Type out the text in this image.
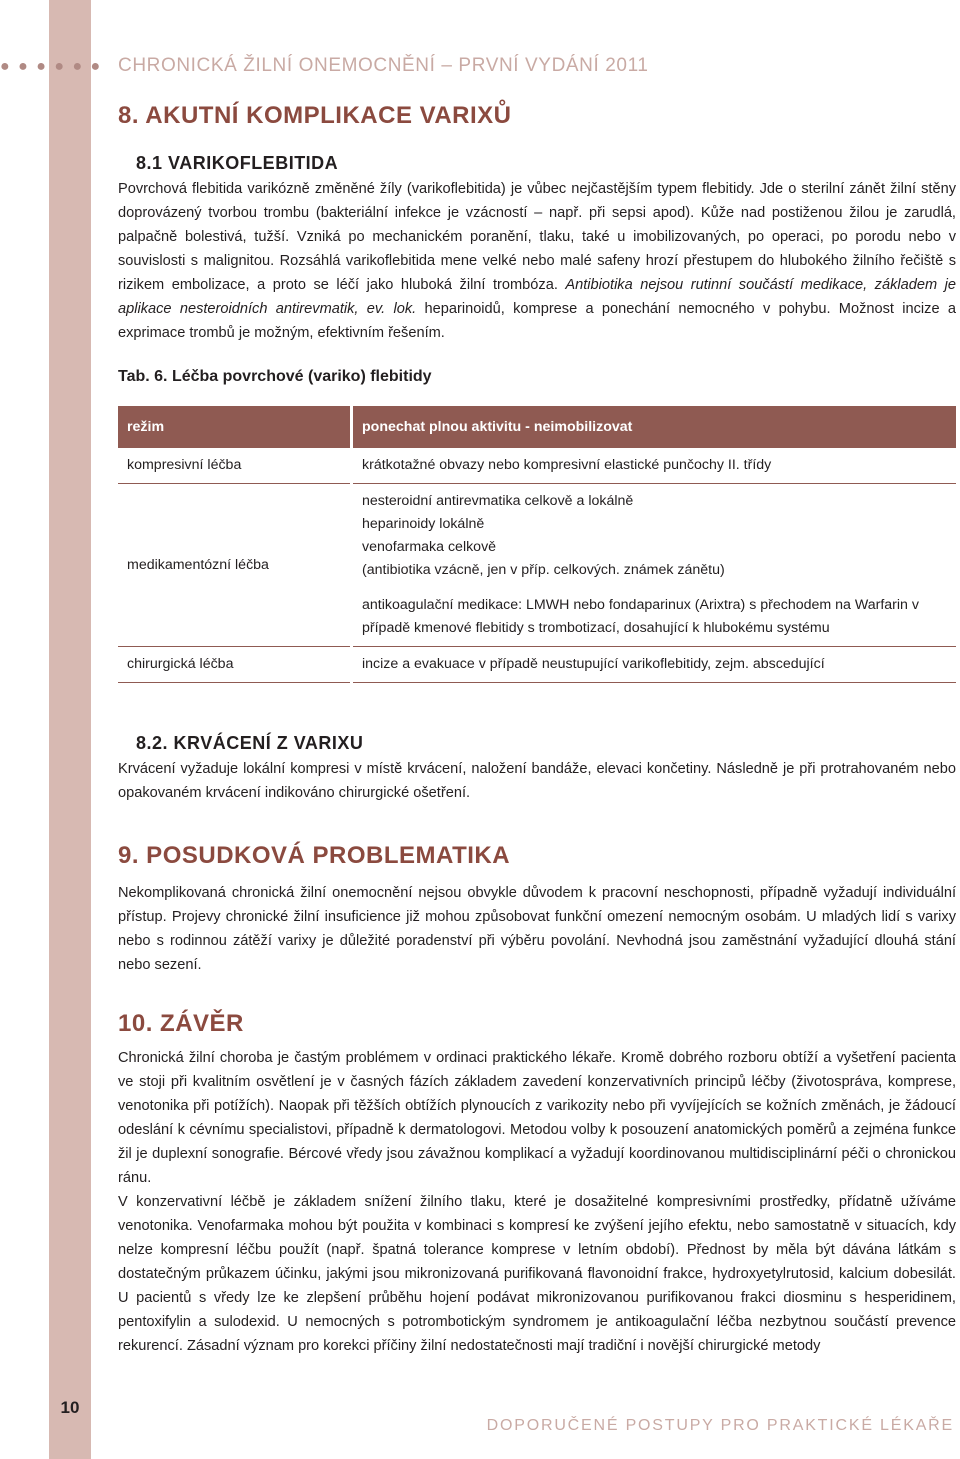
● ● ● ● ● ● CHRONICKÁ ŽILNÍ ONEMOCNĚNÍ – PRVNÍ VYDÁNÍ 2011
8. AKUTNÍ KOMPLIKACE VARIXŮ
8.1 VARIKOFLEBITIDA

Povrchová flebitida varikózně změněné žíly (varikoflebitida) je vůbec nejčastějším typem flebitidy. Jde o sterilní zánět žilní stěny doprovázený tvorbou trombu (bakteriální infekce je vzácností – např. při sepsi apod). Kůže nad postiženou žilou je zarudlá, palpačně bolestivá, tužší. Vzniká po mechanickém poranění, tlaku, také u imobilizovaných, po operaci, po porodu nebo v souvislosti s malignitou. Rozsáhlá varikoflebitida mene velké nebo malé safeny hrozí přestupem do hlubokého žilního řečiště s rizikem embolizace, a proto se léčí jako hluboká žilní trombóza. Antibiotika nejsou rutinní součástí medikace, základem je aplikace nesteroidních antirevmatik, ev. lok. heparinoidů, komprese a ponechání nemocného v pohybu. Možnost incize a exprimace trombů je možným, efektivním řešením.

Tab. 6. Léčba povrchové (variko) flebitidy
režim	ponechat plnou aktivitu - neimobilizovat
kompresivní léčba	krátkotažné obvazy nebo kompresivní elastické punčochy II. třídy
medikamentózní léčba	nesteroidní antirevmatika celkově a lokálně
heparinoidy lokálně
venofarmaka celkově
(antibiotika vzácně, jen v příp. celkových. známek zánětu)
antikoagulační medikace: LMWH nebo fondaparinux (Arixtra) s přechodem na Warfarin v případě kmenové flebitidy s trombotizací, dosahující k hlubokému systému

chirurgická léčba	incize a evakuace v případě neustupující varikoflebitidy, zejm. abscedující
8.2. KRVÁCENÍ Z VARIXU
Krvácení vyžaduje lokální kompresi v místě krvácení, naložení bandáže, elevaci končetiny. Následně je při protrahovaném nebo opakovaném krvácení indikováno chirurgické ošetření.
9. POSUDKOVÁ PROBLEMATIKA
Nekomplikovaná chronická žilní onemocnění nejsou obvykle důvodem k pracovní neschopnosti, případně vyžadují individuální přístup. Projevy chronické žilní insuficience již mohou způsobovat funkční omezení nemocným osobám. U mladých lidí s varixy nebo s rodinnou zátěží varixy je důležité poradenství při výběru povolání. Nevhodná jsou zaměstnání vyžadující dlouhá stání nebo sezení.
10. ZÁVĚR

Chronická žilní choroba je častým problémem v ordinaci praktického lékaře. Kromě dobrého rozboru obtíží a vyšetření pacienta ve stoji při kvalitním osvětlení je v časných fázích základem zavedení konzervativních principů léčby (životospráva, komprese, venotonika při potížích). Naopak při těžších obtížích plynoucích z varikozity nebo při vyvíjejících se kožních změnách, je žádoucí odeslání k cévnímu specialistovi, případně k dermatologovi. Metodou volby k posouzení anatomických poměrů a zejména funkce žil je duplexní sonografie. Bércové vředy jsou závažnou komplikací a vyžadují koordinovanou multidisciplinární péči o chronickou ránu.

V konzervativní léčbě je základem snížení žilního tlaku, které je dosažitelné kompresivními prostředky, přídatně užíváme venotonika. Venofarmaka mohou být použita v kombinaci s kompresí ke zvýšení jejího efektu, nebo samostatně v situacích, kdy nelze kompresní léčbu použít (např. špatná tolerance komprese v letním období). Přednost by měla být dávána látkám s dostatečným průkazem účinku, jakými jsou mikronizovaná purifikovaná flavonoidní frakce, hydroxyetylrutosid, kalcium dobesilát. U pacientů s vředy lze ke zlepšení průběhu hojení podávat mikronizovanou purifikovanou frakci diosminu s hesperidinem, pentoxifylin a sulodexid. U nemocných s potrombotickým syndromem je antikoagulační léčba nezbytnou součástí prevence rekurencí. Zásadní význam pro korekci příčiny žilní nedostatečnosti mají tradiční i novější chirurgické metody

10
DOPORUČENÉ POSTUPY PRO PRAKTICKÉ LÉKAŘE
